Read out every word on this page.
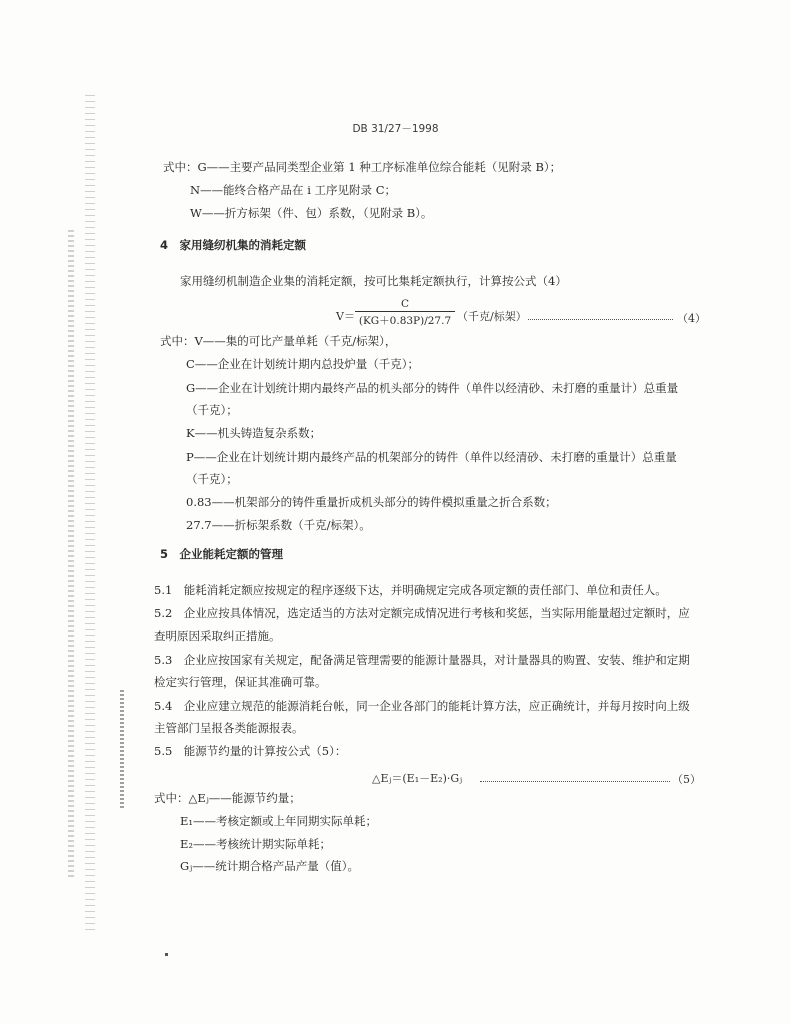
DB 31/27－1998
式中：G——主要产品同类型企业第 1 种工序标准单位综合能耗（见附录 B）；
N——能终合格产品在 i 工序见附录 C；
W——折方标架（件、包）系数，（见附录 B）。
4　家用缝纫机集的消耗定额
家用缝纫机制造企业集的消耗定额，按可比集耗定额执行，计算按公式（4）
$V= \frac{C}{(KG+0.83P)/27.7}$ （千克/标架）	（4）
式中：V——集的可比产量单耗（千克/标架），
C——企业在计划统计期内总投炉量（千克）；
G——企业在计划统计期内最终产品的机头部分的铸件（单件以经清砂、未打磨的重量计）总重量
（千克）；
K——机头铸造复杂系数；
P——企业在计划统计期内最终产品的机架部分的铸件（单件以经清砂、未打磨的重量计）总重量
（千克）；
0.83——机架部分的铸件重量折成机头部分的铸件模拟重量之折合系数；
27.7——折标架系数（千克/标架）。
5　企业能耗定额的管理
5.1　能耗消耗定额应按规定的程序逐级下达，并明确规定完成各项定额的责任部门、单位和责任人。
5.2　企业应按具体情况，选定适当的方法对定额完成情况进行考核和奖惩，当实际用能量超过定额时，应
查明原因采取纠正措施。
5.3　企业应按国家有关规定，配备满足管理需要的能源计量器具，对计量器具的购置、安装、维护和定期
检定实行管理，保证其准确可靠。
5.4　企业应建立规范的能源消耗台帐，同一企业各部门的能耗计算方法，应正确统计，并每月按时向上级
主管部门呈报各类能源报表。
5.5　能源节约量的计算按公式（5）：
△Eⱼ＝(E₁－E₂)·Gⱼ	（5）
式中：△Eⱼ——能源节约量；
E₁——考核定额或上年同期实际单耗；
E₂——考核统计期实际单耗；
Gⱼ——统计期合格产品产量（值）。
